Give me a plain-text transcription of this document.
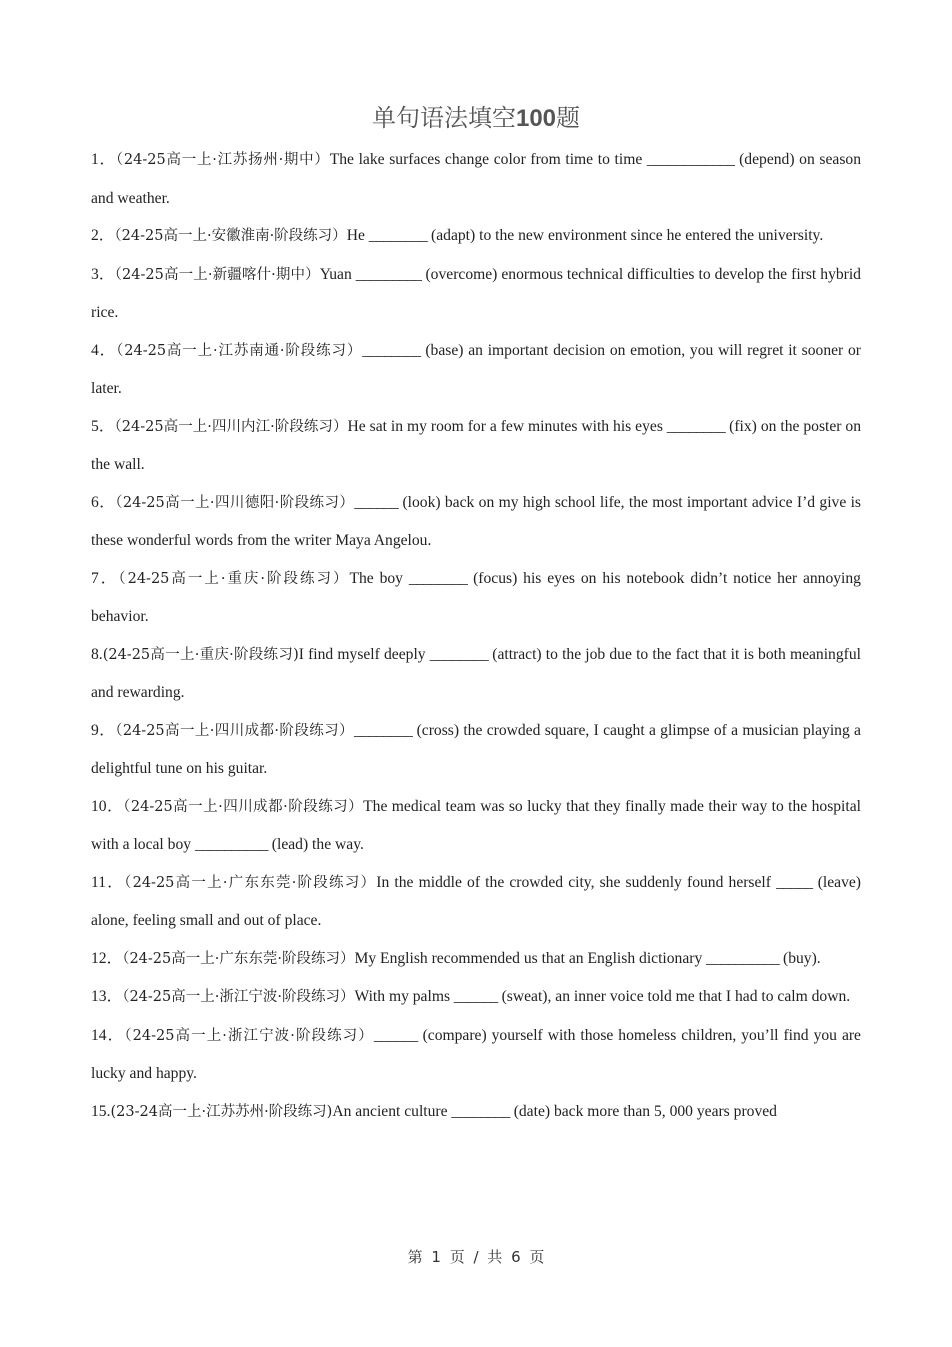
单句语法填空100题
1．（24-25高一上·江苏扬州·期中）The lake surfaces change color from time to time ____________ (depend) on season and weather.
2．（24-25高一上·安徽淮南·阶段练习）He ________ (adapt) to the new environment since he entered the university.
3．（24-25高一上·新疆喀什·期中）Yuan _________ (overcome) enormous technical difficulties to develop the first hybrid rice.
4．（24-25高一上·江苏南通·阶段练习）________ (base) an important decision on emotion, you will regret it sooner or later.
5．（24-25高一上·四川内江·阶段练习）He sat in my room for a few minutes with his eyes ________ (fix) on the poster on the wall.
6．（24-25高一上·四川德阳·阶段练习）______ (look) back on my high school life, the most important advice I’d give is these wonderful words from the writer Maya Angelou.
7．（24-25高一上·重庆·阶段练习）The boy ________ (focus) his eyes on his notebook didn’t notice her annoying behavior.
8.(24-25高一上·重庆·阶段练习)I find myself deeply ________ (attract) to the job due to the fact that it is both meaningful and rewarding.
9．（24-25高一上·四川成都·阶段练习）________ (cross) the crowded square, I caught a glimpse of a musician playing a delightful tune on his guitar.
10．（24-25高一上·四川成都·阶段练习）The medical team was so lucky that they finally made their way to the hospital with a local boy __________ (lead) the way.
11．（24-25高一上·广东东莞·阶段练习）In the middle of the crowded city, she suddenly found herself _____ (leave) alone, feeling small and out of place.
12．（24-25高一上·广东东莞·阶段练习）My English recommended us that an English dictionary __________ (buy).
13．（24-25高一上·浙江宁波·阶段练习）With my palms ______ (sweat), an inner voice told me that I had to calm down.
14．（24-25高一上·浙江宁波·阶段练习）______ (compare) yourself with those homeless children, you’ll find you are lucky and happy.
15.(23-24高一上·江苏苏州·阶段练习)An ancient culture ________ (date) back more than 5, 000 years proved
第 1 页 / 共 6 页
